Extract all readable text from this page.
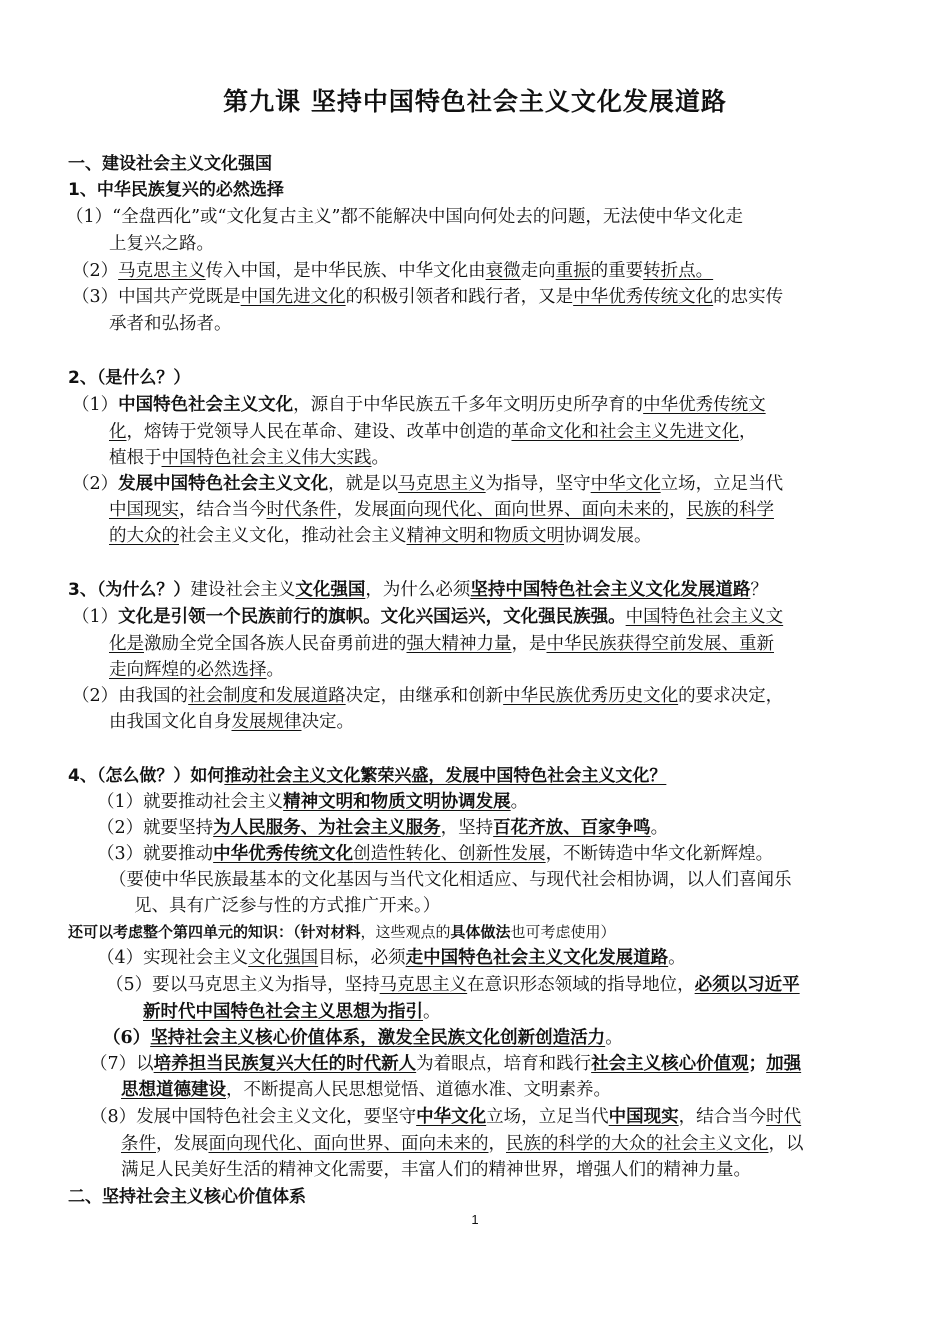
第九课 坚持中国特色社会主义文化发展道路

一、建设社会主义文化强国

1、中华民族复兴的必然选择

（1）“全盘西化”或“文化复古主义”都不能解决中国向何处去的问题，无法使中华文化走

上复兴之路。

（2）马克思主义传入中国，是中华民族、中华文化由衰微走向重振的重要转折点。

（3）中国共产党既是中国先进文化的积极引领者和践行者，又是中华优秀传统文化的忠实传

承者和弘扬者。

2、（是什么？）

（1）中国特色社会主义文化，源自于中华民族五千多年文明历史所孕育的中华优秀传统文

化，熔铸于党领导人民在革命、建设、改革中创造的革命文化和社会主义先进文化，

植根于中国特色社会主义伟大实践。

（2）发展中国特色社会主义文化，就是以马克思主义为指导，坚守中华文化立场，立足当代

中国现实，结合当今时代条件，发展面向现代化、面向世界、面向未来的，民族的科学

的大众的社会主义文化，推动社会主义精神文明和物质文明协调发展。

3、（为什么？）建设社会主义文化强国，为什么必须坚持中国特色社会主义文化发展道路？

（1）文化是引领一个民族前行的旗帜。文化兴国运兴，文化强民族强。中国特色社会主义文

化是激励全党全国各族人民奋勇前进的强大精神力量，是中华民族获得空前发展、重新

走向辉煌的必然选择。

（2）由我国的社会制度和发展道路决定，由继承和创新中华民族优秀历史文化的要求决定，

由我国文化自身发展规律决定。

4、（怎么做？）如何推动社会主义文化繁荣兴盛，发展中国特色社会主义文化？

（1）就要推动社会主义精神文明和物质文明协调发展。

（2）就要坚持为人民服务、为社会主义服务，坚持百花齐放、百家争鸣。

（3）就要推动中华优秀传统文化创造性转化、创新性发展，不断铸造中华文化新辉煌。

（要使中华民族最基本的文化基因与当代文化相适应、与现代社会相协调，以人们喜闻乐

见、具有广泛参与性的方式推广开来。）

还可以考虑整个第四单元的知识：（针对材料，这些观点的具体做法也可考虑使用）

（4）实现社会主义文化强国目标，必须走中国特色社会主义文化发展道路。

（5）要以马克思主义为指导，坚持马克思主义在意识形态领域的指导地位，必须以习近平

新时代中国特色社会主义思想为指引。

（6）坚持社会主义核心价值体系，激发全民族文化创新创造活力。

（7）以培养担当民族复兴大任的时代新人为着眼点，培育和践行社会主义核心价值观；加强

思想道德建设，不断提高人民思想觉悟、道德水准、文明素养。

（8）发展中国特色社会主义文化，要坚守中华文化立场，立足当代中国现实，结合当今时代

条件，发展面向现代化、面向世界、面向未来的，民族的科学的大众的社会主义文化，以

满足人民美好生活的精神文化需要，丰富人们的精神世界，增强人们的精神力量。

二、坚持社会主义核心价值体系

1
